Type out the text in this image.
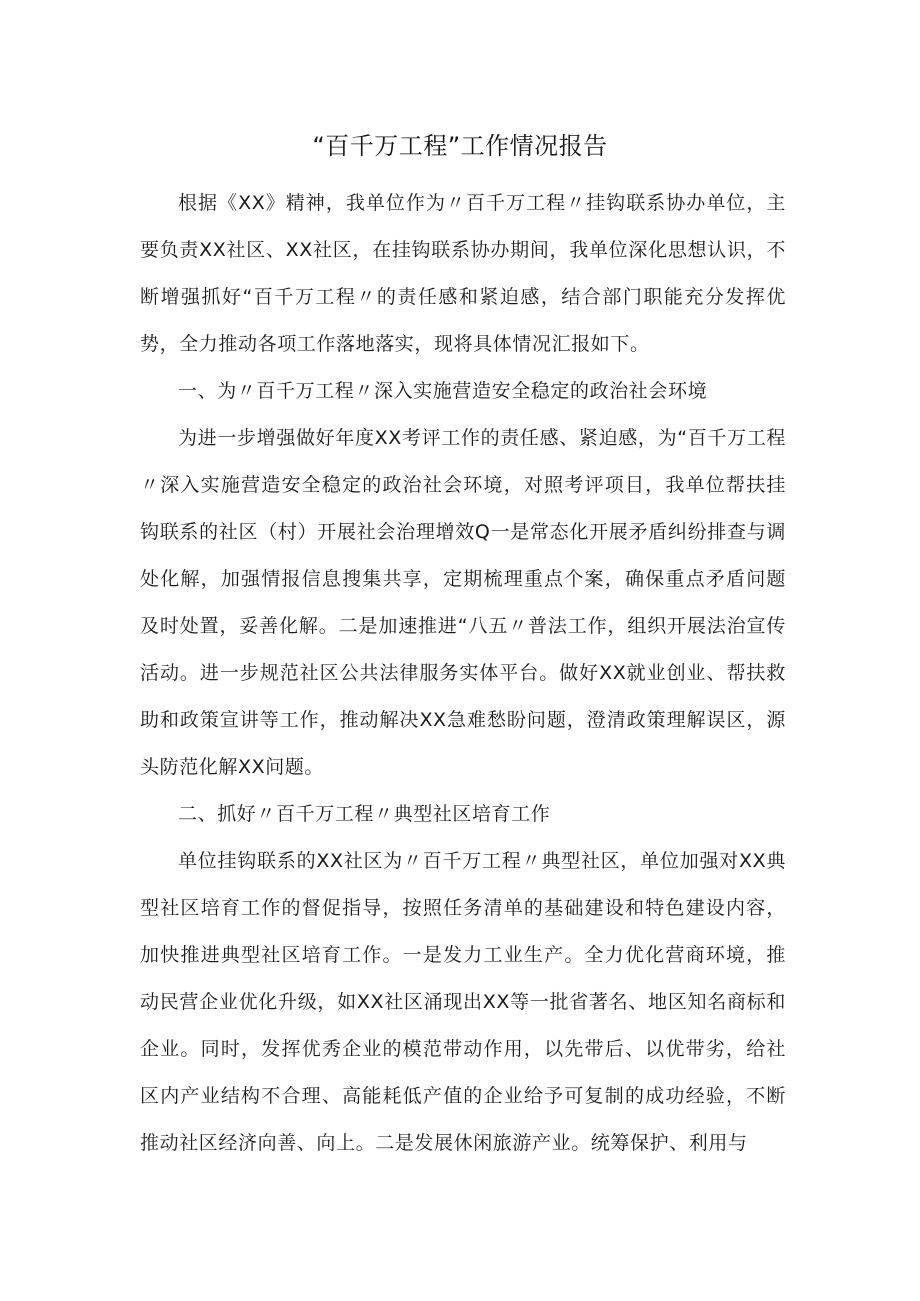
“百千万工程”工作情况报告

根据《XX》精神，我单位作为〃百千万工程〃挂钩联系协办单位，主要负责XX社区、XX社区，在挂钩联系协办期间，我单位深化思想认识，不断增强抓好“百千万工程〃的责任感和紧迫感，结合部门职能充分发挥优势，全力推动各项工作落地落实，现将具体情况汇报如下。

一、为〃百千万工程〃深入实施营造安全稳定的政治社会环境

为进一步增强做好年度XX考评工作的责任感、紧迫感，为“百千万工程〃深入实施营造安全稳定的政治社会环境，对照考评项目，我单位帮扶挂钩联系的社区（村）开展社会治理增效Q一是常态化开展矛盾纠纷排查与调处化解，加强情报信息搜集共享，定期梳理重点个案，确保重点矛盾问题及时处置，妥善化解。二是加速推进“八五〃普法工作，组织开展法治宣传活动。进一步规范社区公共法律服务实体平台。做好XX就业创业、帮扶救助和政策宣讲等工作，推动解决XX急难愁盼问题，澄清政策理解误区，源头防范化解XX问题。

二、抓好〃百千万工程〃典型社区培育工作

单位挂钩联系的XX社区为〃百千万工程〃典型社区，单位加强对XX典型社区培育工作的督促指导，按照任务清单的基础建设和特色建设内容，加快推进典型社区培育工作。一是发力工业生产。全力优化营商环境，推动民营企业优化升级，如XX社区涌现出XX等一批省著名、地区知名商标和企业。同时，发挥优秀企业的模范带动作用，以先带后、以优带劣，给社区内产业结构不合理、高能耗低产值的企业给予可复制的成功经验，不断推动社区经济向善、向上。二是发展休闲旅游产业。统筹保护、利用与
